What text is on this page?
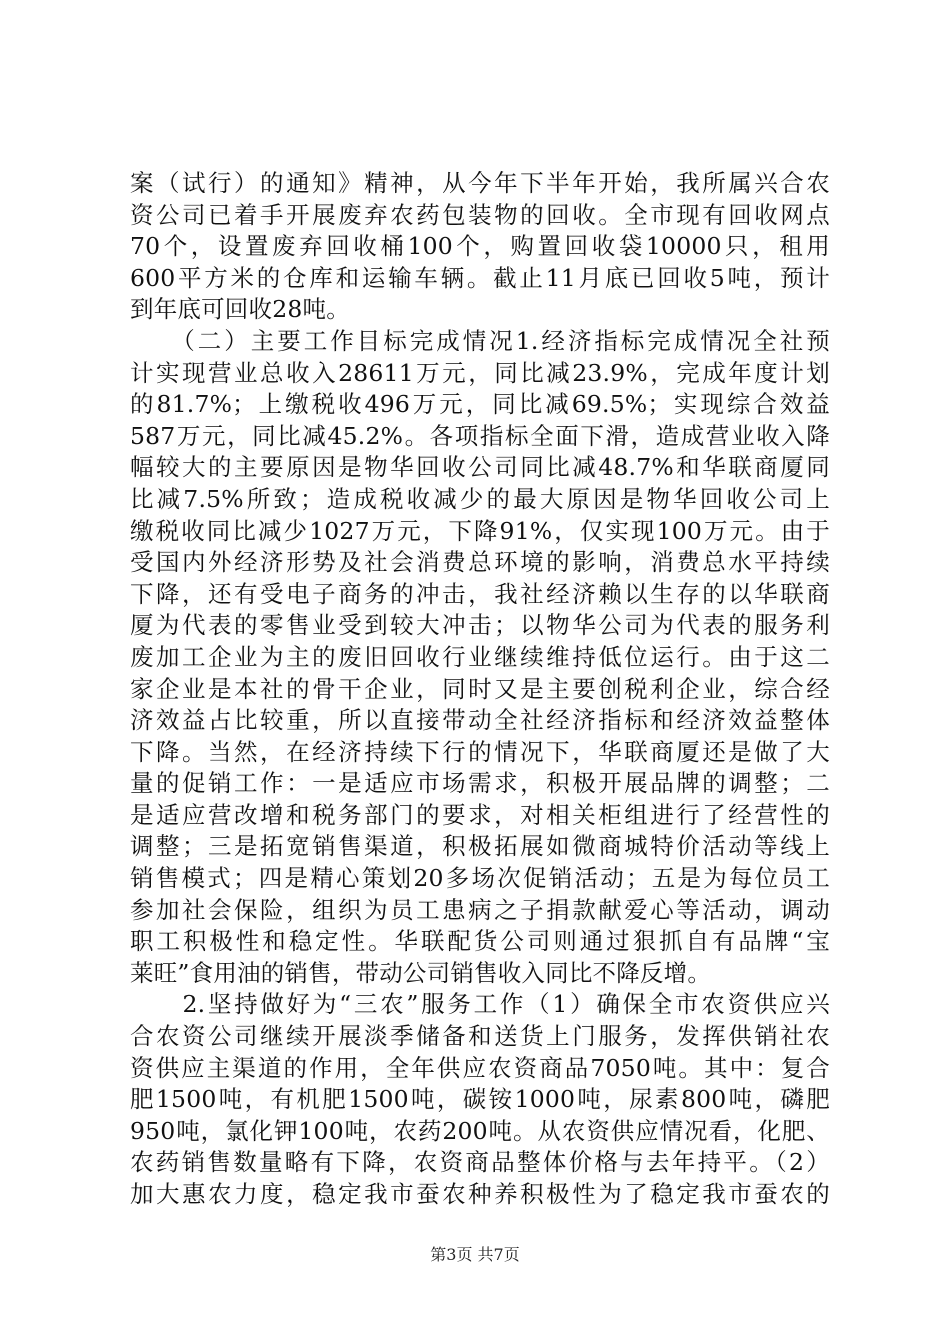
案（试行）的通知》精神，从今年下半年开始，我所属兴合农
资公司已着手开展废弃农药包装物的回收。全市现有回收网点
70个，设置废弃回收桶100个，购置回收袋10000只，租用
600平方米的仓库和运输车辆。截止11月底已回收5吨，预计
到年底可回收28吨。
　　（二）主要工作目标完成情况1.经济指标完成情况全社预
计实现营业总收入28611万元，同比减23.9%，完成年度计划
的81.7%；上缴税收496万元，同比减69.5%；实现综合效益
587万元，同比减45.2%。各项指标全面下滑，造成营业收入降
幅较大的主要原因是物华回收公司同比减48.7%和华联商厦同
比减7.5%所致；造成税收减少的最大原因是物华回收公司上
缴税收同比减少1027万元，下降91%，仅实现100万元。由于
受国内外经济形势及社会消费总环境的影响，消费总水平持续
下降，还有受电子商务的冲击，我社经济赖以生存的以华联商
厦为代表的零售业受到较大冲击；以物华公司为代表的服务利
废加工企业为主的废旧回收行业继续维持低位运行。由于这二
家企业是本社的骨干企业，同时又是主要创税利企业，综合经
济效益占比较重，所以直接带动全社经济指标和经济效益整体
下降。当然，在经济持续下行的情况下，华联商厦还是做了大
量的促销工作：一是适应市场需求，积极开展品牌的调整；二
是适应营改增和税务部门的要求，对相关柜组进行了经营性的
调整；三是拓宽销售渠道，积极拓展如微商城特价活动等线上
销售模式；四是精心策划20多场次促销活动；五是为每位员工
参加社会保险，组织为员工患病之子捐款献爱心等活动，调动
职工积极性和稳定性。华联配货公司则通过狠抓自有品牌“宝
莱旺”食用油的销售，带动公司销售收入同比不降反增。
　　2.坚持做好为“三农”服务工作（1）确保全市农资供应兴
合农资公司继续开展淡季储备和送货上门服务，发挥供销社农
资供应主渠道的作用，全年供应农资商品7050吨。其中：复合
肥1500吨，有机肥1500吨，碳铵1000吨，尿素800吨，磷肥
950吨，氯化钾100吨，农药200吨。从农资供应情况看，化肥、
农药销售数量略有下降，农资商品整体价格与去年持平。（2）
加大惠农力度，稳定我市蚕农种养积极性为了稳定我市蚕农的
第3页 共7页
